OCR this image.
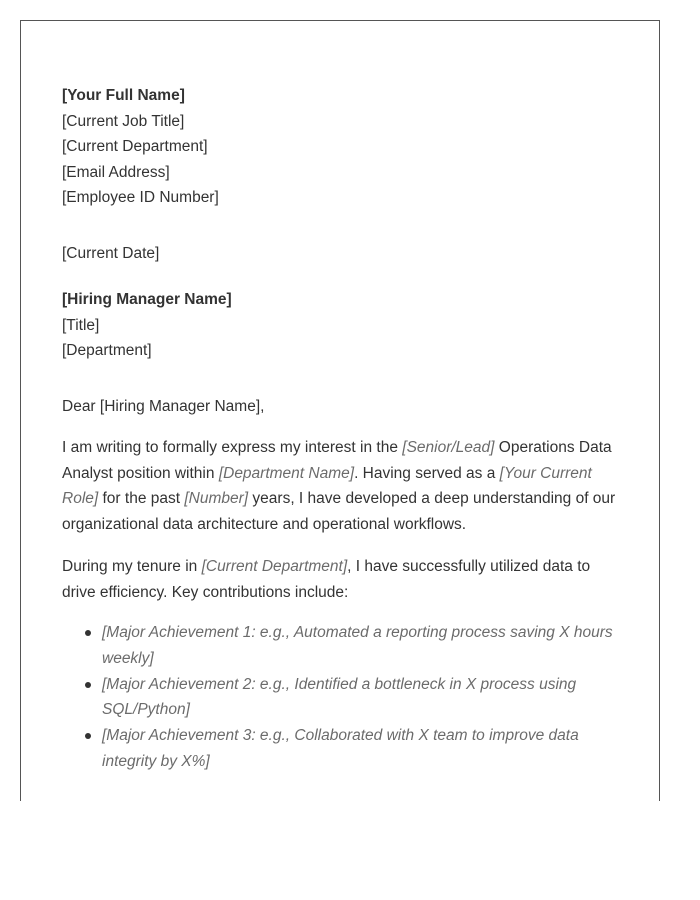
[Your Full Name]
[Current Job Title]
[Current Department]
[Email Address]
[Employee ID Number]
[Current Date]
[Hiring Manager Name]
[Title]
[Department]
Dear [Hiring Manager Name],

I am writing to formally express my interest in the [Senior/Lead] Operations Data Analyst position within [Department Name]. Having served as a [Your Current Role] for the past [Number] years, I have developed a deep understanding of our organizational data architecture and operational workflows.

During my tenure in [Current Department], I have successfully utilized data to drive efficiency. Key contributions include:

[Major Achievement 1: e.g., Automated a reporting process saving X hours weekly]
[Major Achievement 2: e.g., Identified a bottleneck in X process using SQL/Python]
[Major Achievement 3: e.g., Collaborated with X team to improve data integrity by X%]
